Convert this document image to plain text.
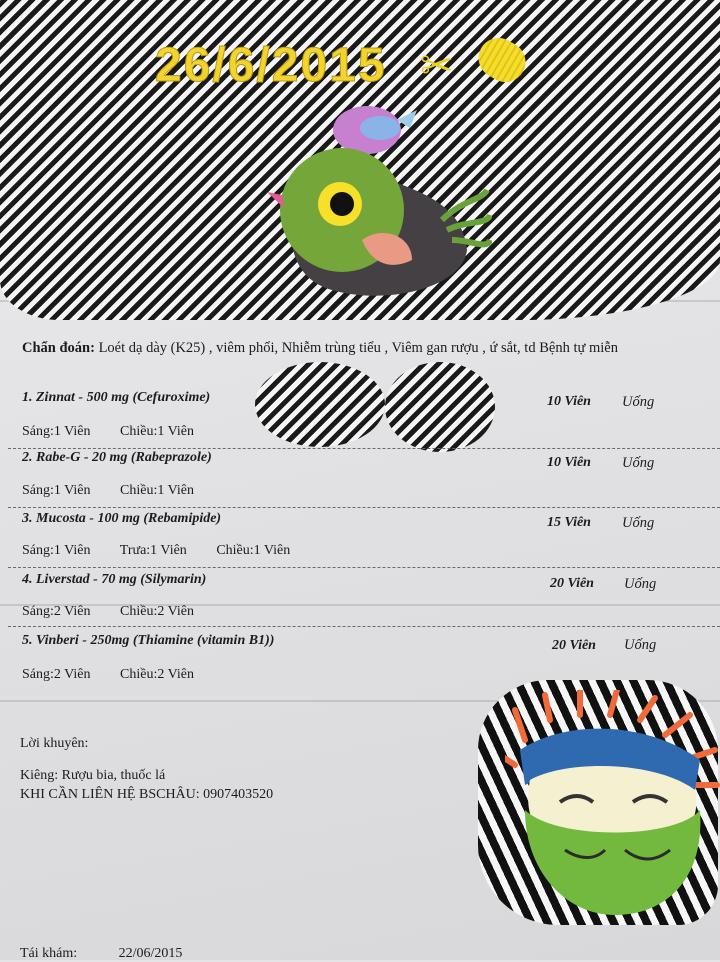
26/6/2015 ✂
Chẩn đoán: Loét dạ dày (K25) , viêm phổi, Nhiễm trùng tiểu , Viêm gan rượu , ứ sắt, td Bệnh tự miễn
1. Zinnat - 500 mg (Cefuroxime)	10 Viên Uống
Sáng:1 Viên Chiều:1 Viên
2. Rabe-G - 20 mg (Rabeprazole)	10 Viên Uống
Sáng:1 Viên Chiều:1 Viên
3. Mucosta - 100 mg (Rebamipide)	15 Viên Uống
Sáng:1 Viên Trưa:1 Viên Chiều:1 Viên
4. Liverstad - 70 mg (Silymarin)	20 Viên Uống
Sáng:2 Viên Chiều:2 Viên
5. Vinberi - 250mg (Thiamine (vitamin B1))	20 Viên Uống
Sáng:2 Viên Chiều:2 Viên
Lời khuyên:
Kiêng: Rượu bia, thuốc lá
KHI CẦN LIÊN HỆ BSCHÂU: 0907403520
Tái khám:	22/06/2015
